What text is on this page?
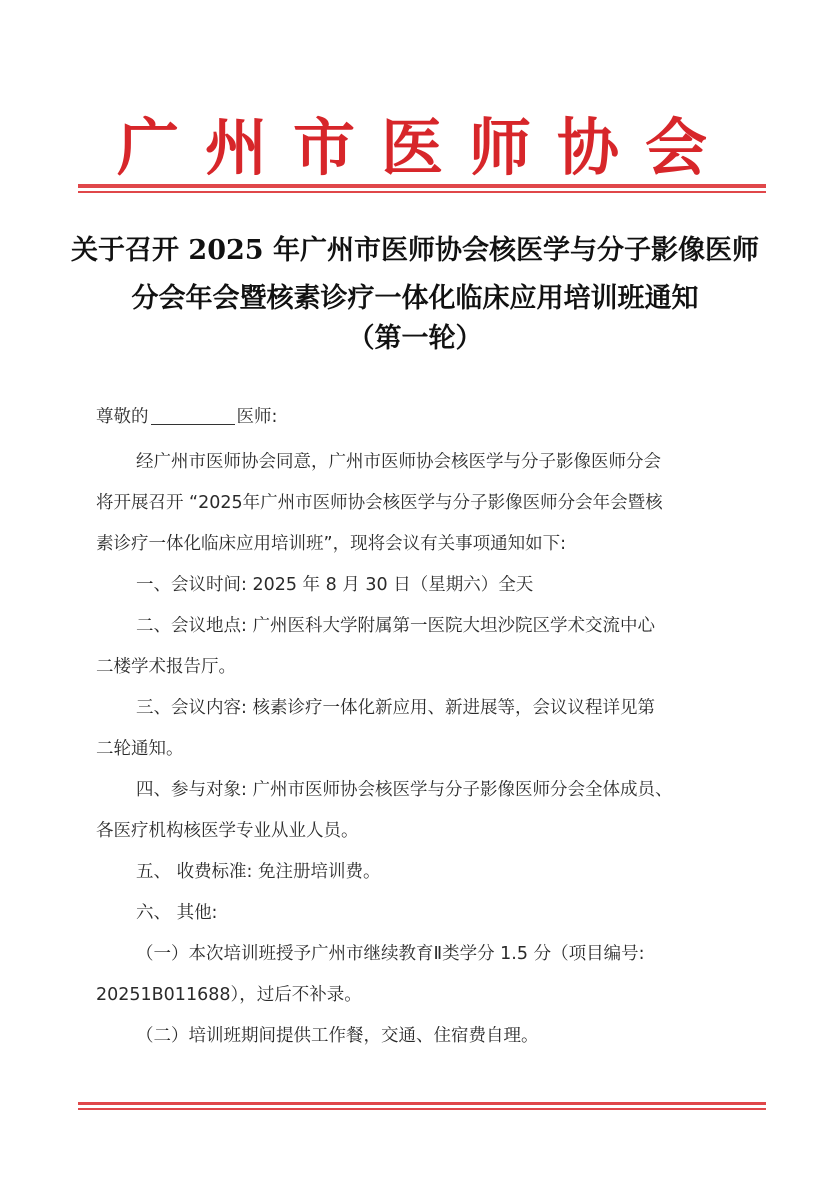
广州市医师协会
关于召开 2025 年广州市医师协会核医学与分子影像医师
分会年会暨核素诊疗一体化临床应用培训班通知
（第一轮）
尊敬的	医师:
经广州市医师协会同意，广州市医师协会核医学与分子影像医师分会
将开展召开 “2025年广州市医师协会核医学与分子影像医师分会年会暨核
素诊疗一体化临床应用培训班”，现将会议有关事项通知如下:
一、会议时间: 2025 年 8 月 30 日（星期六）全天
二、会议地点: 广州医科大学附属第一医院大坦沙院区学术交流中心
二楼学术报告厅。
三、会议内容: 核素诊疗一体化新应用、新进展等，会议议程详见第
二轮通知。
四、参与对象: 广州市医师协会核医学与分子影像医师分会全体成员、
各医疗机构核医学专业从业人员。
五、 收费标准: 免注册培训费。
六、 其他:
（一）本次培训班授予广州市继续教育Ⅱ类学分 1.5 分（项目编号:
20251B011688），过后不补录。
（二）培训班期间提供工作餐，交通、住宿费自理。
